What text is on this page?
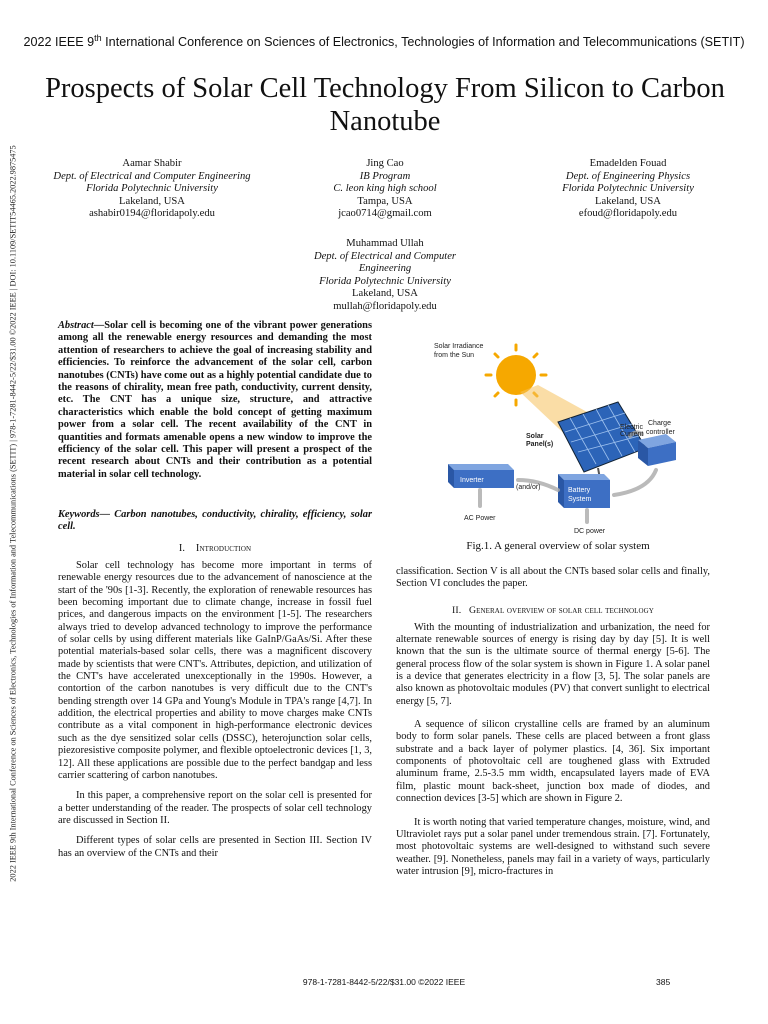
2022 IEEE 9th International Conference on Sciences of Electronics, Technologies of Information and Telecommunications (SETIT)
2022 IEEE 9th International Conference on Sciences of Electronics, Technologies of Information and Telecommunications (SETIT) | 978-1-7281-8442-5/22/$31.00 ©2022 IEEE | DOI: 10.1109/SETIT54465.2022.9875475
Prospects of Solar Cell Technology From Silicon to Carbon Nanotube
Aamar Shabir
Dept. of Electrical and Computer Engineering
Florida Polytechnic University
Lakeland, USA
ashabir0194@floridapoly.edu
Jing Cao
IB Program
C. leon king high school
Tampa, USA
jcao0714@gmail.com
Emadelden Fouad
Dept. of Engineering Physics
Florida Polytechnic University
Lakeland, USA
efoud@floridapoly.edu
Muhammad Ullah
Dept. of Electrical and Computer Engineering
Florida Polytechnic University
Lakeland, USA
mullah@floridapoly.edu
Abstract—Solar cell is becoming one of the vibrant power generations among all the renewable energy resources and demanding the most attention of researchers to achieve the goal of increasing stability and efficiencies. To reinforce the advancement of the solar cell, carbon nanotubes (CNTs) have come out as a highly potential candidate due to the reasons of chirality, mean free path, conductivity, current density, etc. The CNT has a unique size, structure, and attractive characteristics which enable the bold concept of getting maximum power from a solar cell. The recent availability of the CNT in quantities and formats amenable opens a new window to improve the efficiency of the solar cell. This paper will present a prospect of the recent research about CNTs and their contribution as a potential material in solar cell technology.
Keywords— Carbon nanotubes, conductivity, chirality, efficiency, solar cell.
I. Introduction

Solar cell technology has become more important in terms of renewable energy resources due to the advancement of nanoscience at the start of the '90s [1-3]. Recently, the exploration of renewable resources has been becoming important due to climate change, increase in fossil fuel prices, and dangerous impacts on the environment [1-5]. The researchers always tried to develop advanced technology to improve the performance of solar cells by using different materials like GaInP/GaAs/Si. After these potential materials-based solar cells, there was a magnificent discovery made by scientists that were CNT's. Attributes, depiction, and utilization of the CNT's have accelerated unexceptionally in the 1990s. However, a contortion of the carbon nanotubes is very difficult due to the CNT's bending strength over 14 GPa and Young's Module in TPA's range [4,7]. In addition, the electrical properties and ability to move charges make CNTs contribute as a vital component in high-performance electronic devices such as the dye sensitized solar cells (DSSC), heterojunction solar cells, piezoresistive composite polymer, and flexible optoelectronic devices [1, 3, 12]. All these applications are possible due to the perfect bandgap and less carrier scattering of carbon nanotubes.

In this paper, a comprehensive report on the solar cell is presented for a better understanding of the reader. The prospects of solar cell technology are discussed in Section II.

Different types of solar cells are presented in Section III. Section IV has an overview of the CNTs and their

Solar Irradiance
from the Sun
Solar
Panel(s)
Electric
Current
Charge
controller
Inverter
(and/or)	Battery
System
AC Power
DC power
Fig.1. A general overview of solar system

classification. Section V is all about the CNTs based solar cells and finally, Section VI concludes the paper.

II. General overview of solar cell technology

With the mounting of industrialization and urbanization, the need for alternate renewable sources of energy is rising day by day [5]. It is well known that the sun is the ultimate source of thermal energy [5-6]. The general process flow of the solar system is shown in Figure 1. A solar panel is a device that generates electricity in a flow [3, 5]. The solar panels are also known as photovoltaic modules (PV) that convert sunlight to electrical energy [5, 7].

A sequence of silicon crystalline cells are framed by an aluminum body to form solar panels. These cells are placed between a front glass substrate and a back layer of polymer plastics. [4, 36]. Six important components of photovoltaic cell are toughened glass with Extruded aluminum frame, 2.5-3.5 mm width, encapsulated layers made of EVA film, plastic mount back-sheet, junction box made of diodes, and connection devices [3-5] which are shown in Figure 2.

It is worth noting that varied temperature changes, moisture, wind, and Ultraviolet rays put a solar panel under tremendous strain. [7]. Fortunately, most photovoltaic systems are well-designed to withstand such severe weather. [9]. Nonetheless, panels may fail in a variety of ways, particularly water intrusion [9], micro-fractures in

978-1-7281-8442-5/22/$31.00 ©2022 IEEE	385
